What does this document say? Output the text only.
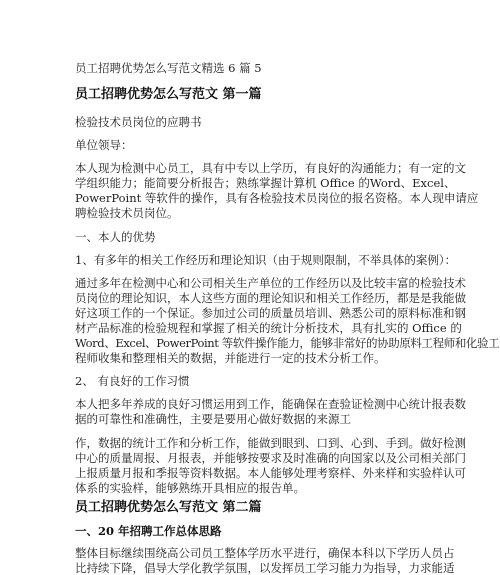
员工招聘优势怎么写范文精选 6 篇 5
员工招聘优势怎么写范文 第一篇
检验技术员岗位的应聘书
单位领导：
本人现为检测中心员工，具有中专以上学历，有良好的沟通能力；有一定的文
学组织能力；能简要分析报告；熟练掌握计算机 Office 的Word、Excel、
PowerPoint 等软件的操作，具有各检验技术员岗位的报名资格。本人现申请应
聘检验技术员岗位。
一、本人的优势
1、有多年的相关工作经历和理论知识（由于规则限制，不举具体的案例）：
通过多年在检测中心和公司相关生产单位的工作经历以及比较丰富的检验技术
员岗位的理论知识，本人这些方面的理论知识和相关工作经历，都是是我能做
好这项工作的一个保证。参加过公司的质量员培训、熟悉公司的原料标准和钢
材产品标准的检验规程和掌握了相关的统计分析技术，具有扎实的 Office 的
Word、Excel、PowerPoint 等软件操作能力，能够非常好的协助原料工程师和化验工
程师收集和整理相关的数据，并能进行一定的技术分析工作。
2、 有良好的工作习惯
本人把多年养成的良好习惯运用到工作，能确保在查验证检测中心统计报表数
据的可靠性和准确性，主要是要用心做好数据的来源工
作，数据的统计工作和分析工作，能做到眼到、口到、心到、手到。做好检测
中心的质量周报、月报表，并能够按要求及时准确的向国家以及公司相关部门
上报质量月报和季报等资料数据。本人能够处理考察样、外来样和实验样认可
体系的实验样，能够熟练开具相应的报告单。
员工招聘优势怎么写范文 第二篇
一、20 年招聘工作总体思路
整体目标继续围绕高公司员工整体学历水平进行，确保本科以下学历人员占
比持续下降，倡导大学化教学氛围，以发挥员工学习能力为指导，力求能适
